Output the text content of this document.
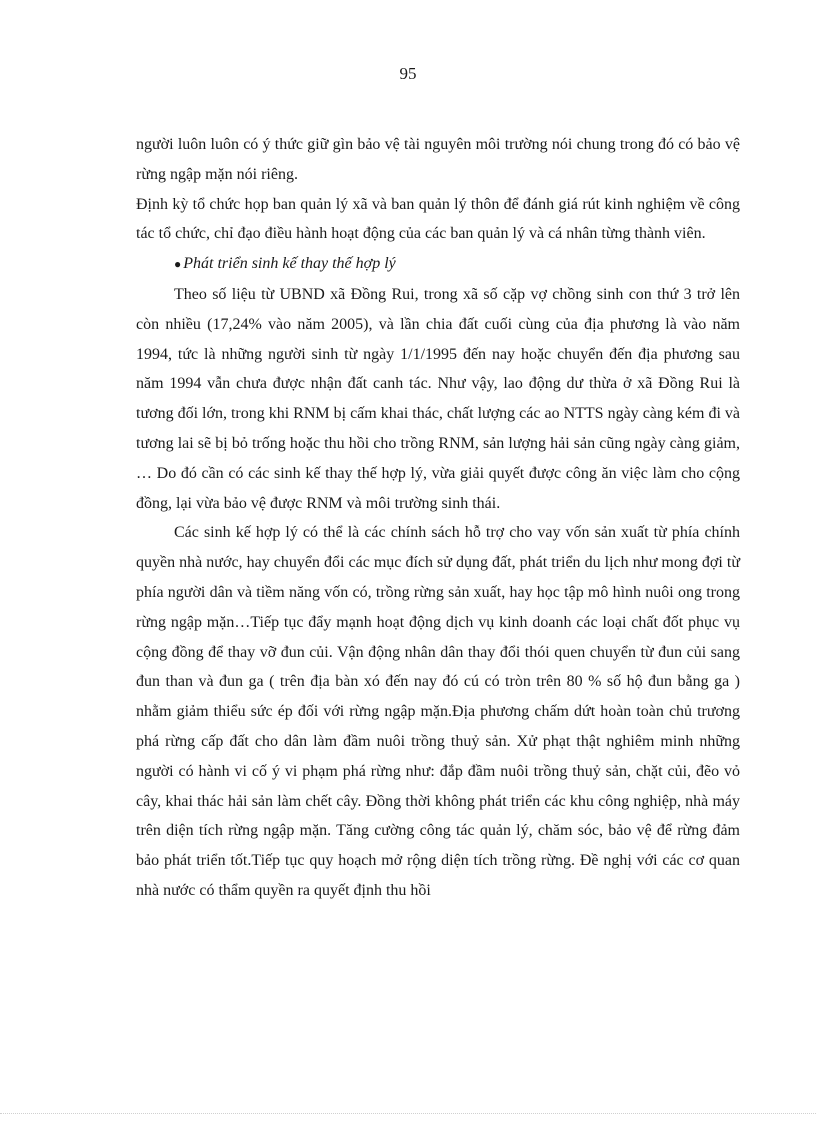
95

người luôn luôn có ý thức giữ gìn bảo vệ tài nguyên môi trường nói chung trong đó có bảo vệ rừng ngập mặn nói riêng.

Định kỳ tổ chức họp ban quản lý xã và ban quản lý thôn để đánh giá rút kinh nghiệm về công tác tổ chức, chỉ đạo điều hành hoạt động của các ban quản lý và cá nhân từng thành viên.

● Phát triển sinh kế thay thế hợp lý

Theo số liệu từ UBND xã Đồng Rui, trong xã số cặp vợ chồng sinh con thứ 3 trở lên còn nhiều (17,24% vào năm 2005), và lần chia đất cuối cùng của địa phương là vào năm 1994, tức là những người sinh từ ngày 1/1/1995 đến nay hoặc chuyển đến địa phương sau năm 1994 vẫn chưa được nhận đất canh tác. Như vậy, lao động dư thừa ở xã Đồng Rui là tương đối lớn, trong khi RNM bị cấm khai thác, chất lượng các ao NTTS ngày càng kém đi và tương lai sẽ bị bỏ trống hoặc thu hồi cho trồng RNM, sản lượng hải sản cũng ngày càng giảm, … Do đó cần có các sinh kế thay thế hợp lý, vừa giải quyết được công ăn việc làm cho cộng đồng, lại vừa bảo vệ được RNM và môi trường sinh thái.

Các sinh kế hợp lý có thể là các chính sách hỗ trợ cho vay vốn sản xuất từ phía chính quyền nhà nước, hay chuyển đổi các mục đích sử dụng đất, phát triển du lịch như mong đợi từ phía người dân và tiềm năng vốn có, trồng rừng sản xuất, hay học tập mô hình nuôi ong trong rừng ngập mặn…Tiếp tục đẩy mạnh hoạt động dịch vụ kinh doanh các loại chất đốt phục vụ cộng đồng để thay vỡ đun củi. Vận động nhân dân thay đổi thói quen chuyển từ đun củi sang đun than và đun ga ( trên địa bàn xó đến nay đó cú có tròn trên 80 % số hộ đun bằng ga ) nhằm giảm thiểu sức ép đối với rừng ngập mặn.Địa phương chấm dứt hoàn toàn chủ trương phá rừng cấp đất cho dân làm đầm nuôi trồng thuỷ sản. Xử phạt thật nghiêm minh những người có hành vi cố ý vi phạm phá rừng như: đắp đầm nuôi trồng thuỷ sản, chặt củi, đẽo vỏ cây, khai thác hải sản làm chết cây. Đồng thời không phát triển các khu công nghiệp, nhà máy trên diện tích rừng ngập mặn. Tăng cường công tác quản lý, chăm sóc, bảo vệ để rừng đảm bảo phát triển tốt.Tiếp tục quy hoạch mở rộng diện tích trồng rừng. Đề nghị với các cơ quan nhà nước có thẩm quyền ra quyết định thu hồi
